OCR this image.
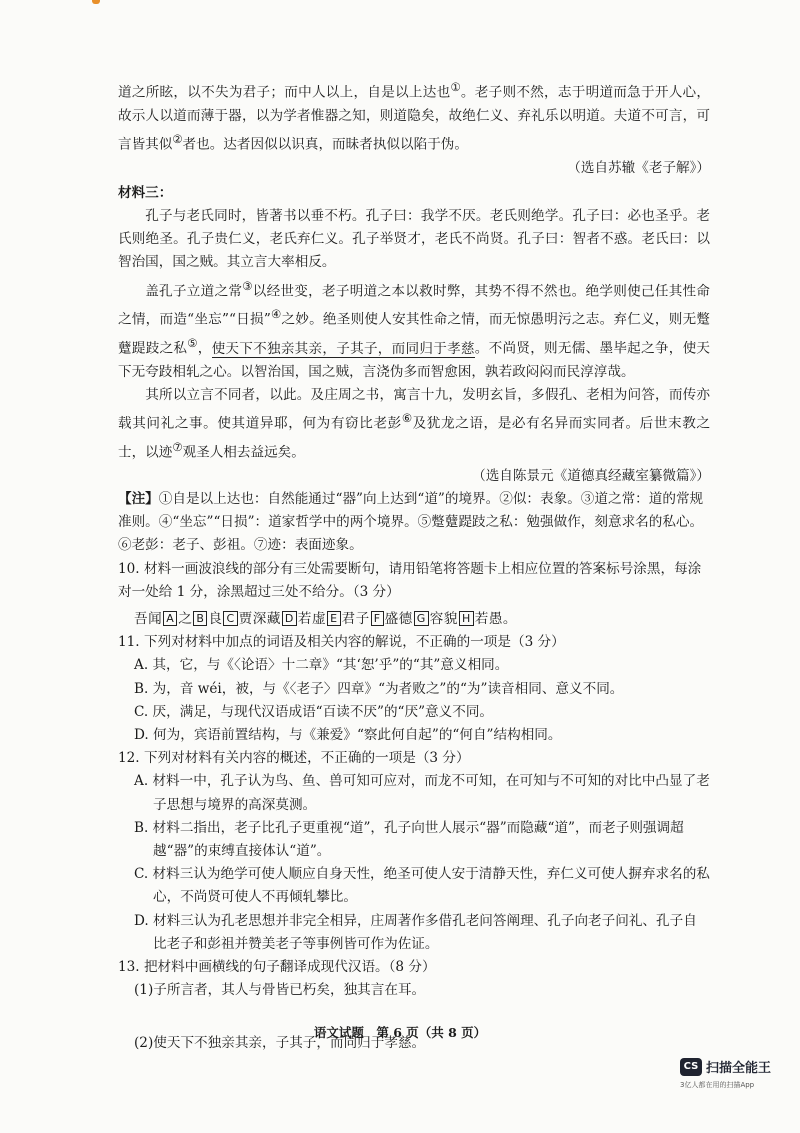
道之所眩，以不失为君子；而中人以上，自是以上达也①。老子则不然，志于明道而急于开人心，故示人以道而薄于器，以为学者惟器之知，则道隐矣，故绝仁义、弃礼乐以明道。夫道不可言，可言皆其似②者也。达者因似以识真，而昧者执似以陷于伪。

（选自苏辙《老子解》）

材料三：

孔子与老氏同时，皆著书以垂不朽。孔子曰：我学不厌。老氏则绝学。孔子曰：必也圣乎。老氏则绝圣。孔子贵仁义，老氏弃仁义。孔子举贤才，老氏不尚贤。孔子曰：智者不惑。老氏曰：以智治国，国之贼。其立言大率相反。

盖孔子立道之常③以经世变，老子明道之本以救时弊，其势不得不然也。绝学则使己任其性命之情，而造“坐忘”“日损”④之妙。绝圣则使人安其性命之情，而无惊愚明污之志。弃仁义，则无蹩躠踶跂之私⑤，使天下不独亲其亲，子其子，而同归于孝慈。不尚贤，则无儒、墨毕起之争，使天下无夸跂相轧之心。以智治国，国之贼，言浇伪多而智愈困，孰若政闷闷而民淳淳哉。

其所以立言不同者，以此。及庄周之书，寓言十九，发明玄旨，多假孔、老相为问答，而传亦载其问礼之事。使其道异耶，何为有窃比老彭⑥及犹龙之语，是必有名异而实同者。后世末教之士，以迹⑦观圣人相去益远矣。

（选自陈景元《道德真经藏室纂微篇》）

【注】①自是以上达也：自然能通过“器”向上达到“道”的境界。②似：表象。③道之常：道的常规准则。④“坐忘”“日损”：道家哲学中的两个境界。⑤蹩躠踶跂之私：勉强做作，刻意求名的私心。⑥老彭：老子、彭祖。⑦迹：表面迹象。

10. 材料一画波浪线的部分有三处需要断句，请用铅笔将答题卡上相应位置的答案标号涂黑，每涂对一处给 1 分，涂黑超过三处不给分。（3 分）

吾闻 A 之 B 良 C 贾深藏 D 若虚 E 君子 F 盛德 G 容貌 H 若愚。

11. 下列对材料中加点的词语及相关内容的解说，不正确的一项是（3 分）

A. 其，它，与《〈论语〉十二章》“其‘恕’乎”的“其”意义相同。

B. 为，音 wéi，被，与《〈老子〉四章》“为者败之”的“为”读音相同、意义不同。

C. 厌，满足，与现代汉语成语“百读不厌”的“厌”意义不同。

D. 何为，宾语前置结构，与《兼爱》“察此何自起”的“何自”结构相同。

12. 下列对材料有关内容的概述，不正确的一项是（3 分）

A. 材料一中，孔子认为鸟、鱼、兽可知可应对，而龙不可知，在可知与不可知的对比中凸显了老子思想与境界的高深莫测。

B. 材料二指出，老子比孔子更重视“道”，孔子向世人展示“器”而隐藏“道”，而老子则强调超越“器”的束缚直接体认“道”。

C. 材料三认为绝学可使人顺应自身天性，绝圣可使人安于清静天性，弃仁义可使人摒弃求名的私心，不尚贤可使人不再倾轧攀比。

D. 材料三认为孔老思想并非完全相异，庄周著作多借孔老问答阐理、孔子向老子问礼、孔子自比老子和彭祖并赞美老子等事例皆可作为佐证。

13. 把材料中画横线的句子翻译成现代汉语。（8 分）

(1)子所言者，其人与骨皆已朽矣，独其言在耳。

(2)使天下不独亲其亲，子其子，而同归于孝慈。

语文试题　第 6 页（共 8 页）
CS 扫描全能王
3亿人都在用的扫描App
